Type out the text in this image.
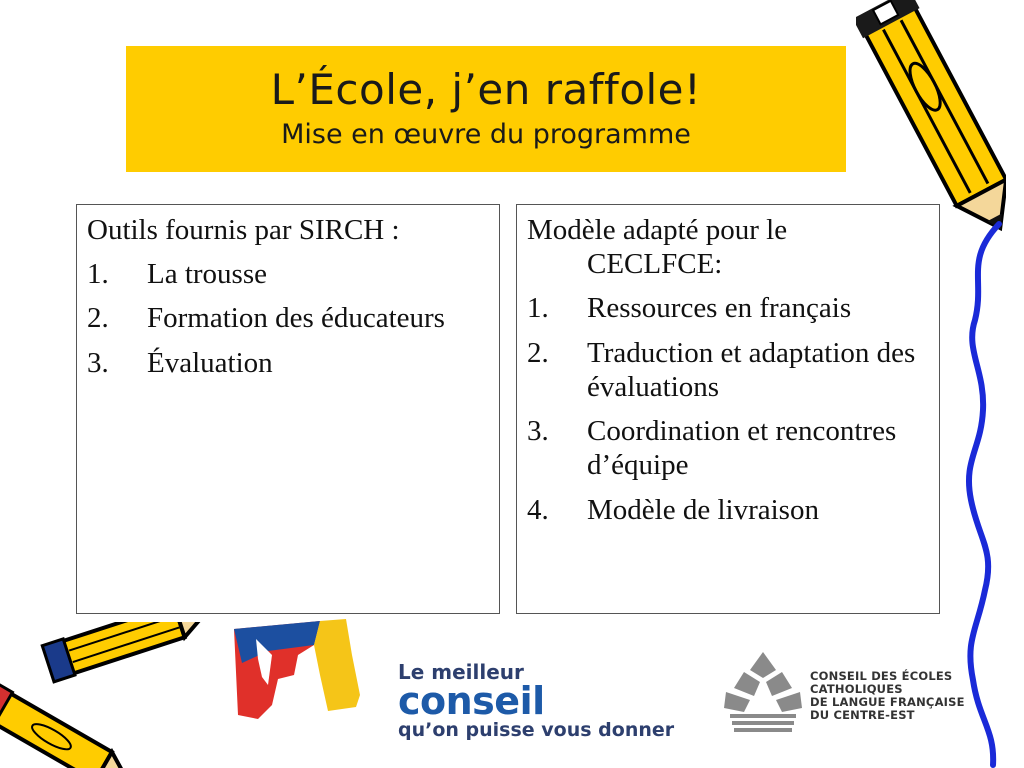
L’École, j’en raffole!
Mise en œuvre du programme
Outils fournis par SIRCH :
1.	La trousse
2.	Formation des éducateurs
3.	Évaluation
Modèle adapté pour le CECLFCE:
1.	Ressources en français
2.	Traduction et adaptation des évaluations
3.	Coordination et rencontres d’équipe
4.	Modèle de livraison
Le meilleur
conseil
qu’on puisse vous donner
CONSEIL DES ÉCOLES
CATHOLIQUES
DE LANGUE FRANÇAISE
DU CENTRE-EST
